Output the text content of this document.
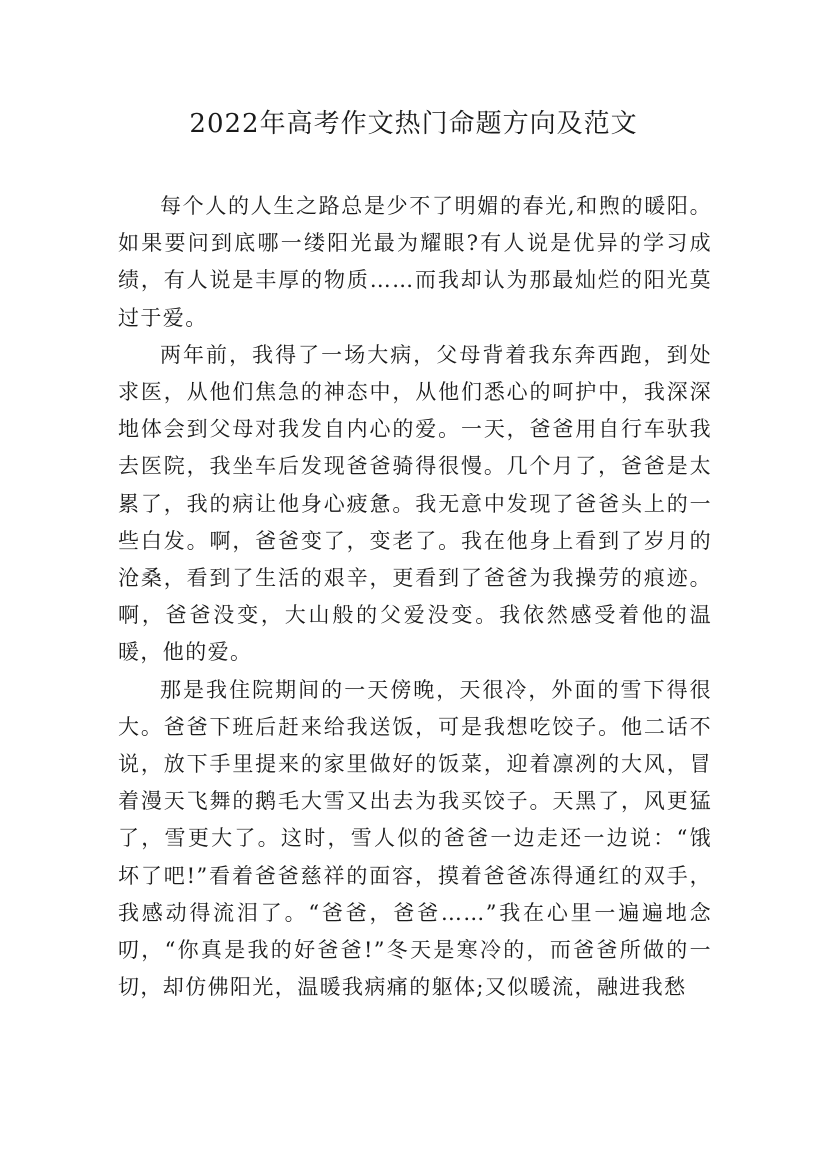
2022年高考作文热门命题方向及范文

每个人的人生之路总是少不了明媚的春光,和煦的暖阳。如果要问到底哪一缕阳光最为耀眼?有人说是优异的学习成绩，有人说是丰厚的物质……而我却认为那最灿烂的阳光莫过于爱。

两年前，我得了一场大病，父母背着我东奔西跑，到处求医，从他们焦急的神态中，从他们悉心的呵护中，我深深地体会到父母对我发自内心的爱。一天，爸爸用自行车驮我去医院，我坐车后发现爸爸骑得很慢。几个月了，爸爸是太累了，我的病让他身心疲惫。我无意中发现了爸爸头上的一些白发。啊，爸爸变了，变老了。我在他身上看到了岁月的沧桑，看到了生活的艰辛，更看到了爸爸为我操劳的痕迹。啊，爸爸没变，大山般的父爱没变。我依然感受着他的温暖，他的爱。

那是我住院期间的一天傍晚，天很冷，外面的雪下得很大。爸爸下班后赶来给我送饭，可是我想吃饺子。他二话不说，放下手里提来的家里做好的饭菜，迎着凛冽的大风，冒着漫天飞舞的鹅毛大雪又出去为我买饺子。天黑了，风更猛了，雪更大了。这时，雪人似的爸爸一边走还一边说：“饿坏了吧!”看着爸爸慈祥的面容，摸着爸爸冻得通红的双手，我感动得流泪了。“爸爸，爸爸……”我在心里一遍遍地念叨，“你真是我的好爸爸!”冬天是寒冷的，而爸爸所做的一切，却仿佛阳光，温暖我病痛的躯体;又似暖流，融进我愁
